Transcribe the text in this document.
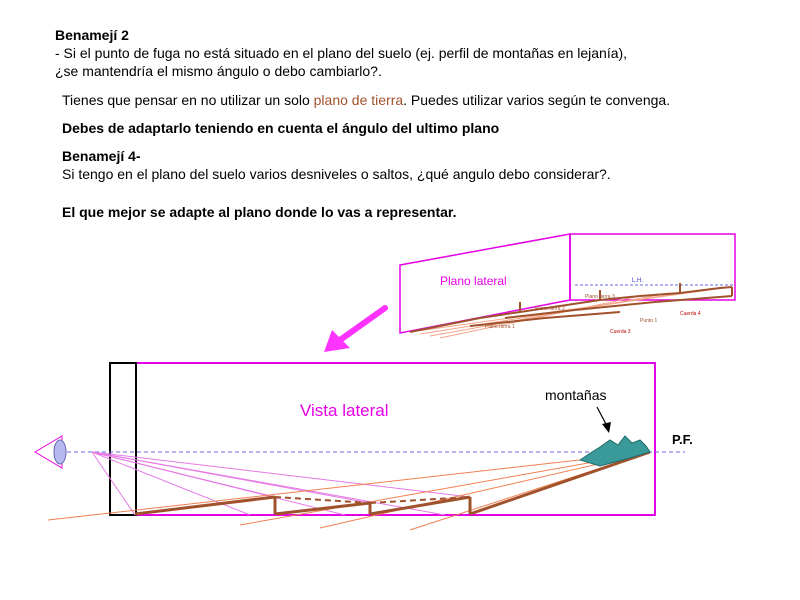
Benamejí 2
- Si el punto de fuga no está situado en el plano del suelo (ej. perfil de montañas en lejanía),
¿se mantendría el mismo ángulo o debo cambiarlo?.
Tienes que pensar en no utilizar un solo plano de tierra. Puedes utilizar varios según te convenga.
Debes de adaptarlo teniendo en cuenta el ángulo del ultimo plano
Benamejí 4-
Si tengo en el plano del suelo varios desniveles o saltos, ¿qué angulo debo considerar?.
El que mejor se adapte al plano donde lo vas a representar.
L.H.
Plano tierra 3
Plano tierra 2
Plano tierra 1
Cuerda 4
Cuerda 3
Punto 1
Plano lateral
Vista lateral
montañas
P.F.
